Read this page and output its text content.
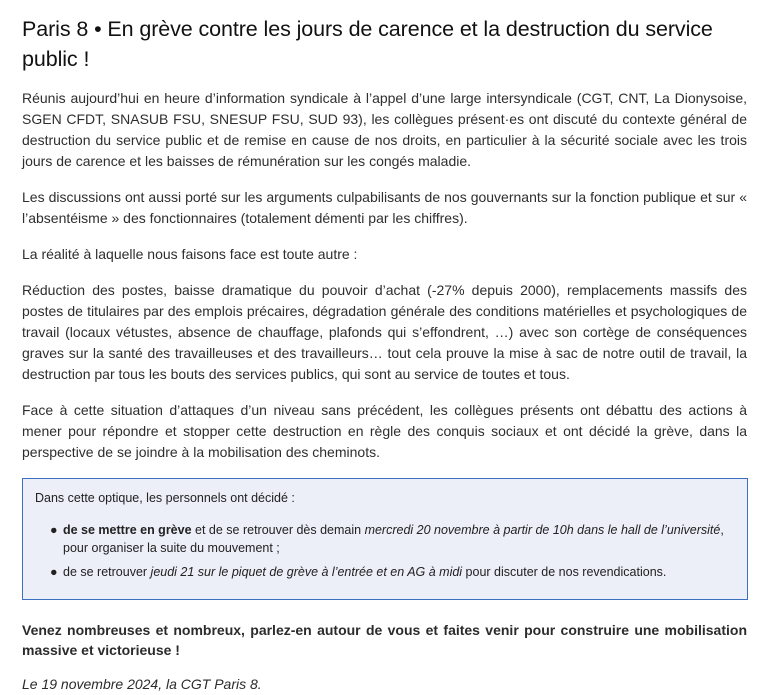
Paris 8 • En grève contre les jours de carence et la destruction du service public !

Réunis aujourd’hui en heure d’information syndicale à l’appel d’une large intersyndicale (CGT, CNT, La Dionysoise, SGEN CFDT, SNASUB FSU, SNESUP FSU, SUD 93), les collègues présent·es ont discuté du contexte général de destruction du service public et de remise en cause de nos droits, en particulier à la sécurité sociale avec les trois jours de carence et les baisses de rémunération sur les congés maladie.

Les discussions ont aussi porté sur les arguments culpabilisants de nos gouvernants sur la fonction publique et sur « l’absentéisme » des fonctionnaires (totalement démenti par les chiffres).

La réalité à laquelle nous faisons face est toute autre :

Réduction des postes, baisse dramatique du pouvoir d’achat (-27% depuis 2000), remplacements massifs des postes de titulaires par des emplois précaires, dégradation générale des conditions matérielles et psychologiques de travail (locaux vétustes, absence de chauffage, plafonds qui s’effondrent, …) avec son cortège de conséquences graves sur la santé des travailleuses et des travailleurs… tout cela prouve la mise à sac de notre outil de travail, la destruction par tous les bouts des services publics, qui sont au service de toutes et tous.

Face à cette situation d’attaques d’un niveau sans précédent, les collègues présents ont débattu des actions à mener pour répondre et stopper cette destruction en règle des conquis sociaux et ont décidé la grève, dans la perspective de se joindre à la mobilisation des cheminots.

Dans cette optique, les personnels ont décidé :
● de se mettre en grève et de se retrouver dès demain mercredi 20 novembre à partir de 10h dans le hall de l’université,
pour organiser la suite du mouvement ;
● de se retrouver jeudi 21 sur le piquet de grève à l’entrée et en AG à midi pour discuter de nos revendications.

Venez nombreuses et nombreux, parlez-en autour de vous et faites venir pour construire une mobilisation massive et victorieuse !

Le 19 novembre 2024, la CGT Paris 8.
